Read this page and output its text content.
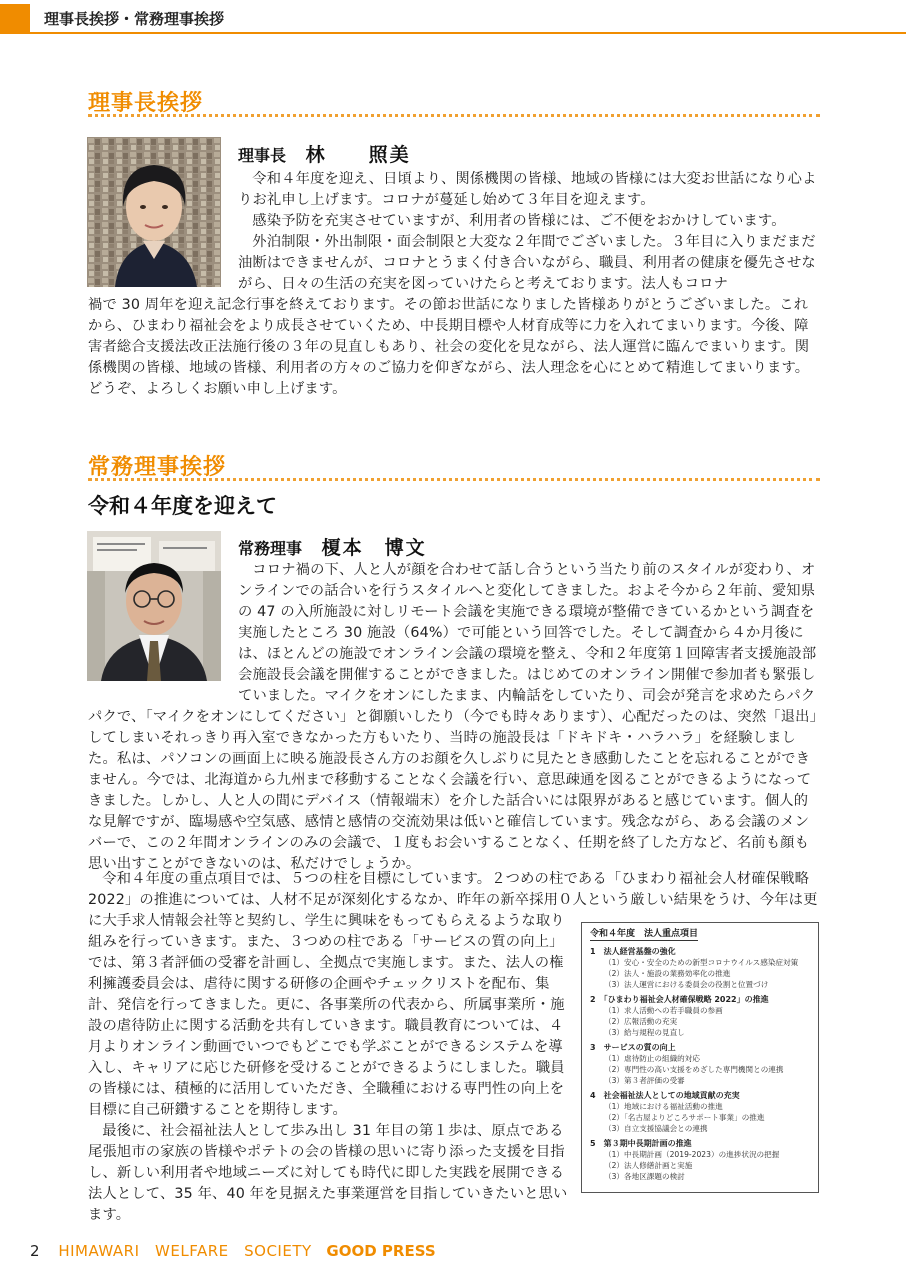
理事長挨拶・常務理事挨拶
理事長挨拶
理事長 林　　照美

令和４年度を迎え、日頃より、関係機関の皆様、地域の皆様には大変お世話になり心よりお礼申し上げます。コロナが蔓延し始めて３年目を迎えます。

感染予防を充実させていますが、利用者の皆様には、ご不便をおかけしています。

外泊制限・外出制限・面会制限と大変な２年間でございました。３年目に入りまだまだ油断はできませんが、コロナとうまく付き合いながら、職員、利用者の健康を優先させながら、日々の生活の充実を図っていけたらと考えております。法人もコロナ

禍で 30 周年を迎え記念行事を終えております。その節お世話になりました皆様ありがとうございました。これから、ひまわり福祉会をより成長させていくため、中長期目標や人材育成等に力を入れてまいります。今後、障害者総合支援法改正法施行後の３年の見直しもあり、社会の変化を見ながら、法人運営に臨んでまいります。関係機関の皆様、地域の皆様、利用者の方々のご協力を仰ぎながら、法人理念を心にとめて精進してまいります。どうぞ、よろしくお願い申し上げます。

常務理事挨拶
令和４年度を迎えて
常務理事 榎本　博文

コロナ禍の下、人と人が顔を合わせて話し合うという当たり前のスタイルが変わり、オンラインでの話合いを行うスタイルへと変化してきました。およそ今から２年前、愛知県の 47 の入所施設に対しリモート会議を実施できる環境が整備できているかという調査を実施したところ 30 施設（64%）で可能という回答でした。そして調査から４か月後には、ほとんどの施設でオンライン会議の環境を整え、令和２年度第１回障害者支援施設部会施設長会議を開催することができました。はじめてのオンライン開催で参加者も緊張していました。マイクをオンにしたまま、内輪話をしていたり、司会が発言を求めたらパク

パクで、「マイクをオンにしてください」と御願いしたり（今でも時々あります）、心配だったのは、突然「退出」してしまいそれっきり再入室できなかった方もいたり、当時の施設長は「ドキドキ・ハラハラ」を経験しました。私は、パソコンの画面上に映る施設長さん方のお顔を久しぶりに見たとき感動したことを忘れることができません。今では、北海道から九州まで移動することなく会議を行い、意思疎通を図ることができるようになってきました。しかし、人と人の間にデバイス（情報端末）を介した話合いには限界があると感じています。個人的な見解ですが、臨場感や空気感、感情と感情の交流効果は低いと確信しています。残念ながら、ある会議のメンバーで、この２年間オンラインのみの会議で、１度もお会いすることなく、任期を終了した方など、名前も顔も思い出すことができないのは、私だけでしょうか。

令和４年度の重点項目では、５つの柱を目標にしています。２つめの柱である「ひまわり福祉会人材確保戦略 2022」の推進については、人材不足が深刻化するなか、昨年の新卒採用０人という厳しい結果をうけ、今年は更

に大手求人情報会社等と契約し、学生に興味をもってもらえるような取り組みを行っていきます。また、３つめの柱である「サービスの質の向上」では、第３者評価の受審を計画し、全拠点で実施します。また、法人の権利擁護委員会は、虐待に関する研修の企画やチェックリストを配布、集計、発信を行ってきました。更に、各事業所の代表から、所属事業所・施設の虐待防止に関する活動を共有していきます。職員教育については、４月よりオンライン動画でいつでもどこでも学ぶことができるシステムを導入し、キャリアに応じた研修を受けることができるようにしました。職員の皆様には、積極的に活用していただき、全職種における専門性の向上を目標に自己研鑽することを期待します。

最後に、社会福祉法人として歩み出し 31 年目の第１歩は、原点である尾張旭市の家族の皆様やポテトの会の皆様の思いに寄り添った支援を目指し、新しい利用者や地域ニーズに対しても時代に即した実践を展開できる法人として、35 年、40 年を見据えた事業運営を目指していきたいと思います。

令和４年度　法人重点項目
1　法人経営基盤の強化
（1）安心・安全のための新型コロナウイルス感染症対策
（2）法人・施設の業務効率化の推進
（3）法人運営における委員会の役割と位置づけ
2　「ひまわり福祉会人材確保戦略 2022」の推進
（1）求人活動への若手職員の参画
（2）広報活動の充実
（3）給与規程の見直し
3　サービスの質の向上
（1）虐待防止の組織的対応
（2）専門性の高い支援をめざした専門機関との連携
（3）第３者評価の受審
4　社会福祉法人としての地域貢献の充実
（1）地域における福祉活動の推進
（2）「名古屋よりどころサポート事業」の推進
（3）自立支援協議会との連携
5　第３期中長期計画の推進
（1）中長期計画（2019-2023）の進捗状況の把握
（2）法人修繕計画と実施
（3）各地区課題の検討
2 HIMAWARI　WELFARE　SOCIETY GOOD PRESS
